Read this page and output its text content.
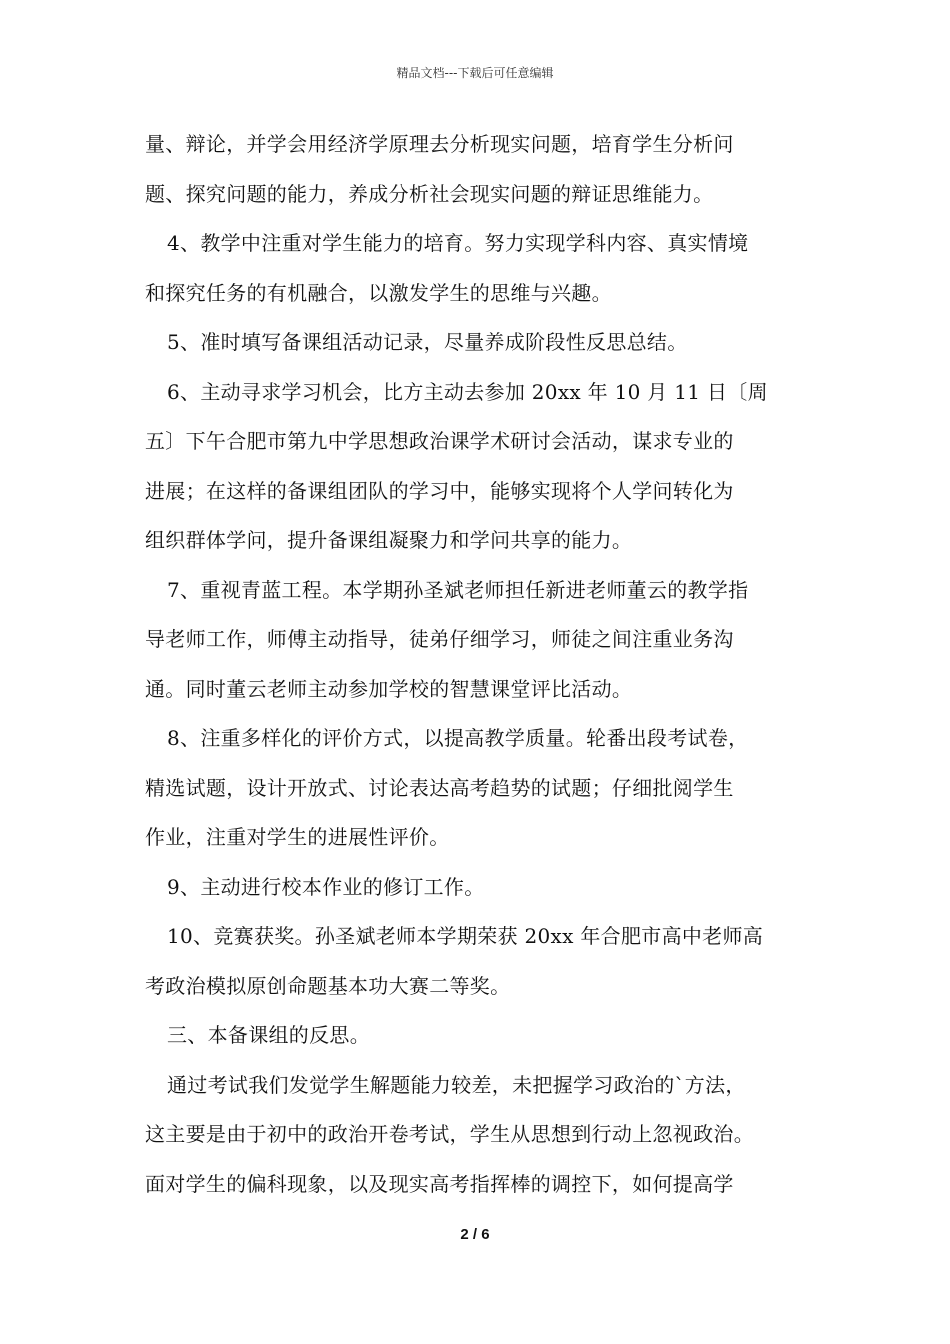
精品文档---下载后可任意编辑
量、辩论，并学会用经济学原理去分析现实问题，培育学生分析问
题、探究问题的能力，养成分析社会现实问题的辩证思维能力。
4、教学中注重对学生能力的培育。努力实现学科内容、真实情境
和探究任务的有机融合，以激发学生的思维与兴趣。
5、准时填写备课组活动记录，尽量养成阶段性反思总结。
6、主动寻求学习机会，比方主动去参加 20xx 年 10 月 11 日〔周
五〕下午合肥市第九中学思想政治课学术研讨会活动，谋求专业的
进展；在这样的备课组团队的学习中，能够实现将个人学问转化为
组织群体学问，提升备课组凝聚力和学问共享的能力。
7、重视青蓝工程。本学期孙圣斌老师担任新进老师董云的教学指
导老师工作，师傅主动指导，徒弟仔细学习，师徒之间注重业务沟
通。同时董云老师主动参加学校的智慧课堂评比活动。
8、注重多样化的评价方式，以提高教学质量。轮番出段考试卷，
精选试题，设计开放式、讨论表达高考趋势的试题；仔细批阅学生
作业，注重对学生的进展性评价。
9、主动进行校本作业的修订工作。
10、竞赛获奖。孙圣斌老师本学期荣获 20xx 年合肥市高中老师高
考政治模拟原创命题基本功大赛二等奖。
三、本备课组的反思。
通过考试我们发觉学生解题能力较差，未把握学习政治的`方法，
这主要是由于初中的政治开卷考试，学生从思想到行动上忽视政治。
面对学生的偏科现象，以及现实高考指挥棒的调控下，如何提高学
2 / 6
